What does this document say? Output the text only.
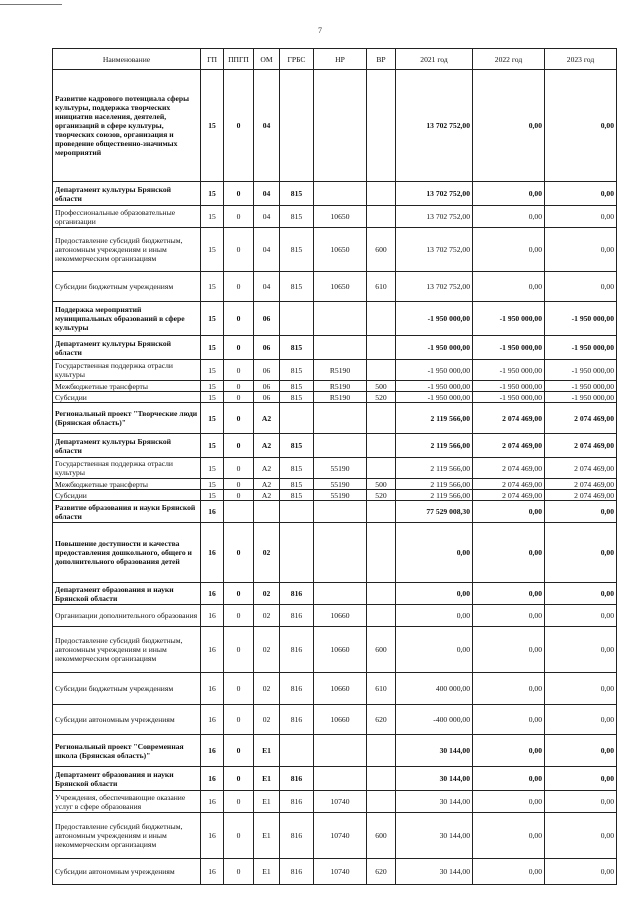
7
Наименование	ГП	ППГП	ОМ	ГРБС	НР	ВР	2021 год	2022 год	2023 год
Развитие кадрового потенциала сферы культуры, поддержка творческих инициатив населения, деятелей, организаций в сфере культуры, творческих союзов, организация и проведение общественно-значимых мероприятий	15	0	04				13 702 752,00	0,00	0,00
Департамент культуры Брянской области	15	0	04	815			13 702 752,00	0,00	0,00
Профессиональные образовательные организации	15	0	04	815	10650		13 702 752,00	0,00	0,00
Предоставление субсидий бюджетным, автономным учреждениям и иным некоммерческим организациям	15	0	04	815	10650	600	13 702 752,00	0,00	0,00
Субсидии бюджетным учреждениям	15	0	04	815	10650	610	13 702 752,00	0,00	0,00
Поддержка мероприятий муниципальных образований в сфере культуры	15	0	06				-1 950 000,00	-1 950 000,00	-1 950 000,00
Департамент культуры Брянской области	15	0	06	815			-1 950 000,00	-1 950 000,00	-1 950 000,00
Государственная поддержка отрасли культуры	15	0	06	815	R5190		-1 950 000,00	-1 950 000,00	-1 950 000,00
Межбюджетные трансферты	15	0	06	815	R5190	500	-1 950 000,00	-1 950 000,00	-1 950 000,00
Субсидии	15	0	06	815	R5190	520	-1 950 000,00	-1 950 000,00	-1 950 000,00
Региональный проект "Творческие люди (Брянская область)"	15	0	А2				2 119 566,00	2 074 469,00	2 074 469,00
Департамент культуры Брянской области	15	0	А2	815			2 119 566,00	2 074 469,00	2 074 469,00
Государственная поддержка отрасли культуры	15	0	А2	815	55190		2 119 566,00	2 074 469,00	2 074 469,00
Межбюджетные трансферты	15	0	А2	815	55190	500	2 119 566,00	2 074 469,00	2 074 469,00
Субсидии	15	0	А2	815	55190	520	2 119 566,00	2 074 469,00	2 074 469,00
Развитие образования и науки Брянской области	16						77 529 008,30	0,00	0,00
Повышение доступности и качества предоставления дошкольного, общего и дополнительного образования детей	16	0	02				0,00	0,00	0,00
Департамент образования и науки Брянской области	16	0	02	816			0,00	0,00	0,00
Организации дополнительного образования	16	0	02	816	10660		0,00	0,00	0,00
Предоставление субсидий бюджетным, автономным учреждениям и иным некоммерческим организациям	16	0	02	816	10660	600	0,00	0,00	0,00
Субсидии бюджетным учреждениям	16	0	02	816	10660	610	400 000,00	0,00	0,00
Субсидии автономным учреждениям	16	0	02	816	10660	620	-400 000,00	0,00	0,00
Региональный проект "Современная школа (Брянская область)"	16	0	Е1				30 144,00	0,00	0,00
Департамент образования и науки Брянской области	16	0	Е1	816			30 144,00	0,00	0,00
Учреждения, обеспечивающие оказание услуг в сфере образования	16	0	Е1	816	10740		30 144,00	0,00	0,00
Предоставление субсидий бюджетным, автономным учреждениям и иным некоммерческим организациям	16	0	Е1	816	10740	600	30 144,00	0,00	0,00
Субсидии автономным учреждениям	16	0	Е1	816	10740	620	30 144,00	0,00	0,00
